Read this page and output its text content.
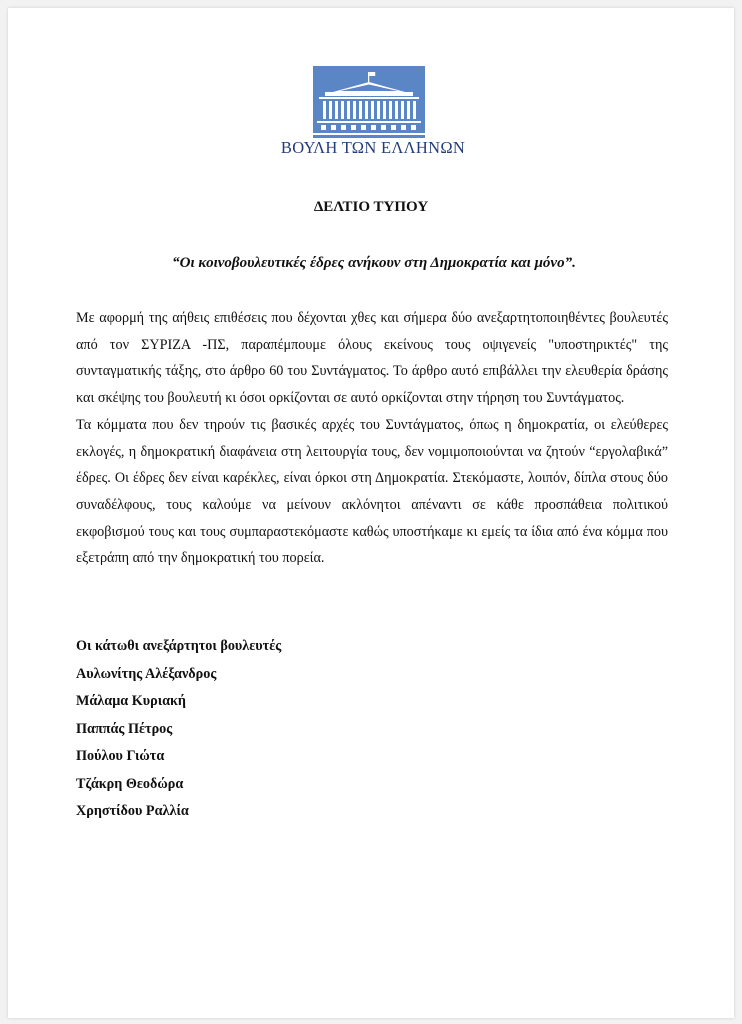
ΒΟΥΛΗ ΤΩΝ ΕΛΛΗΝΩΝ
ΔΕΛΤΙΟ ΤΥΠΟΥ
“Οι κοινοβουλευτικές έδρες ανήκουν στη Δημοκρατία και μόνο”.

Με αφορμή της αήθεις επιθέσεις που δέχονται χθες και σήμερα δύο ανεξαρτητοποιηθέντες βουλευτές από τον ΣΥΡΙΖΑ -ΠΣ, παραπέμπουμε όλους εκείνους τους οψιγενείς "υποστηρικτές" της συνταγματικής τάξης, στο άρθρο 60 του Συντάγματος. Το άρθρο αυτό επιβάλλει την ελευθερία δράσης και σκέψης του βουλευτή κι όσοι ορκίζονται σε αυτό ορκίζονται στην τήρηση του Συντάγματος.

Τα κόμματα που δεν τηρούν τις βασικές αρχές του Συντάγματος, όπως η δημοκρατία, οι ελεύθερες εκλογές, η δημοκρατική διαφάνεια στη λειτουργία τους, δεν νομιμοποιούνται να ζητούν “εργολαβικά” έδρες. Οι έδρες δεν είναι καρέκλες, είναι όρκοι στη Δημοκρατία. Στεκόμαστε, λοιπόν, δίπλα στους δύο συναδέλφους, τους καλούμε να μείνουν ακλόνητοι απέναντι σε κάθε προσπάθεια πολιτικού εκφοβισμού τους και τους συμπαραστεκόμαστε καθώς υποστήκαμε κι εμείς τα ίδια από ένα κόμμα που εξετράπη από την δημοκρατική του πορεία.

Οι κάτωθι ανεξάρτητοι βουλευτές
Αυλωνίτης Αλέξανδρος
Μάλαμα Κυριακή
Παππάς Πέτρος
Πούλου Γιώτα
Τζάκρη Θεοδώρα
Χρηστίδου Ραλλία
